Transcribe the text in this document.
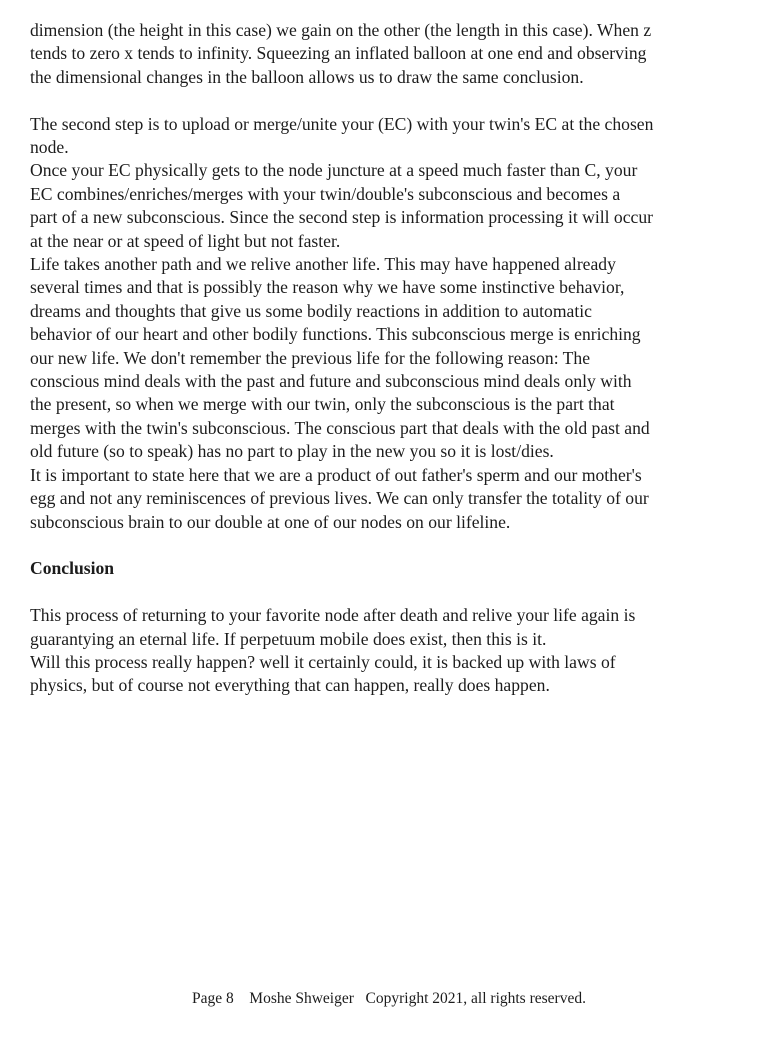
dimension (the height in this case) we gain on the other (the length in this case). When z
tends to zero x tends to infinity. Squeezing an inflated balloon at one end and observing
the dimensional changes in the balloon allows us to draw the same conclusion.

The second step is to upload or merge/unite your (EC) with your twin's EC at the chosen
node.
Once your EC physically gets to the node juncture at a speed much faster than C, your
EC combines/enriches/merges with your twin/double's subconscious and becomes a
part of a new subconscious. Since the second step is information processing it will occur
at the near or at speed of light but not faster.
Life takes another path and we relive another life. This may have happened already
several times and that is possibly the reason why we have some instinctive behavior,
dreams and thoughts that give us some bodily reactions in addition to automatic
behavior of our heart and other bodily functions. This subconscious merge is enriching
our new life. We don't remember the previous life for the following reason: The
conscious mind deals with the past and future and subconscious mind deals only with
the present, so when we merge with our twin, only the subconscious is the part that
merges with the twin's subconscious. The conscious part that deals with the old past and
old future (so to speak) has no part to play in the new you so it is lost/dies.
It is important to state here that we are a product of out father's sperm and our mother's
egg and not any reminiscences of previous lives. We can only transfer the totality of our
subconscious brain to our double at one of our nodes on our lifeline.

Conclusion

This process of returning to your favorite node after death and relive your life again is
guarantying an eternal life. If perpetuum mobile does exist, then this is it.
Will this process really happen? well it certainly could, it is backed up with laws of
physics, but of course not everything that can happen, really does happen.

Page 8 Moshe Shweiger Copyright 2021, all rights reserved.
